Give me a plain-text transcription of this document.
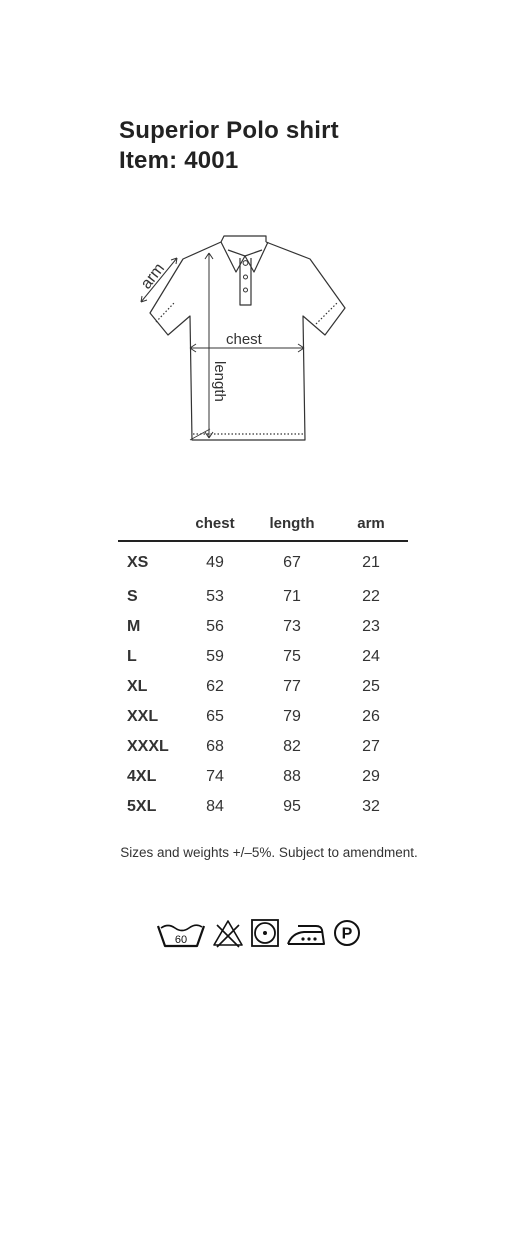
Superior Polo shirt
Item: 4001
arm
chest
length
	chest	length	arm
XS	49	67	21
S	53	71	22
M	56	73	23
L	59	75	24
XL	62	77	25
XXL	65	79	26
XXXL	68	82	27
4XL	74	88	29
5XL	84	95	32
Sizes and weights +/–5%. Subject to amendment.
60	P
